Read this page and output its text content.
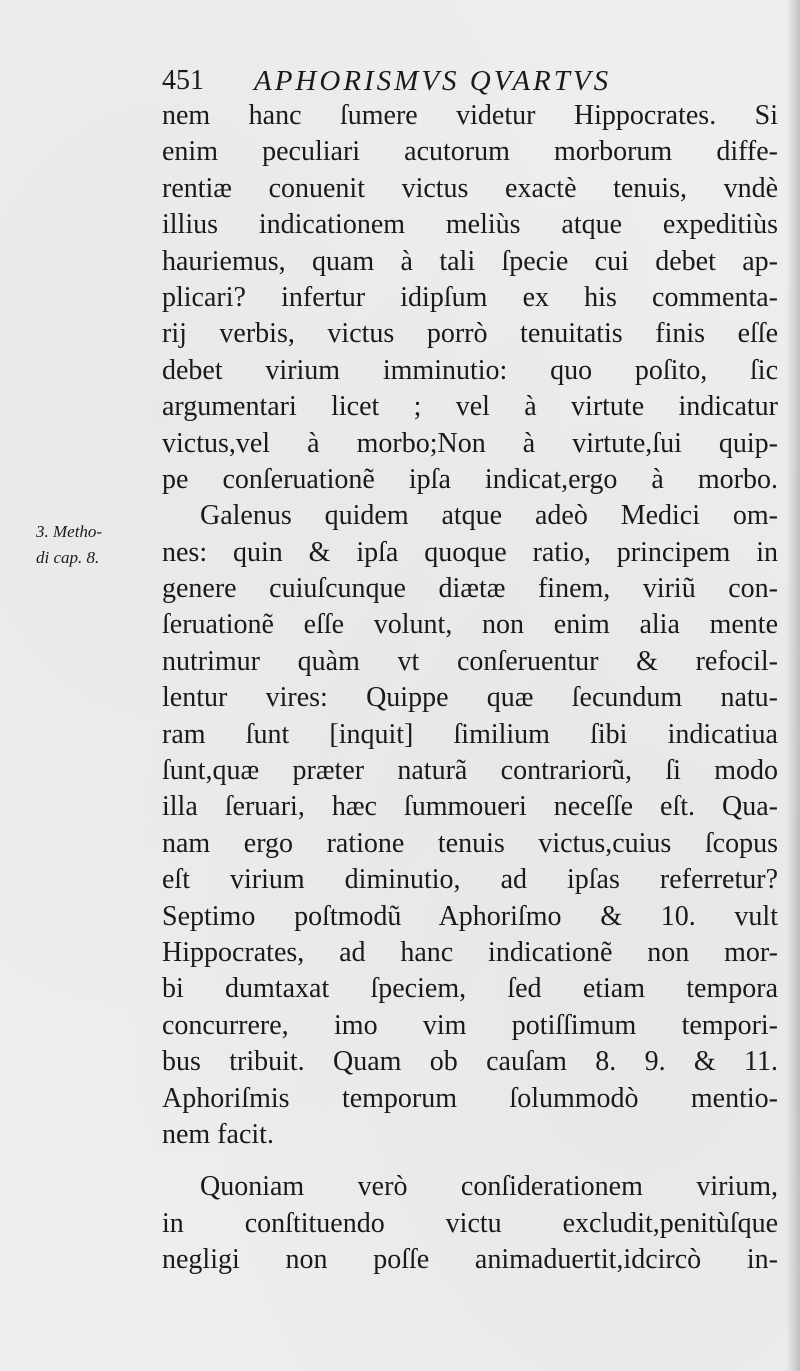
451 APHORISMVS QVARTVS
3. Metho-
di cap. 8.
nem hanc ſumere videtur Hippocrates. Si
enim peculiari acutorum morborum diffe-
rentiæ conuenit victus exactè tenuis, vndè
illius indicationem meliùs atque expeditiùs
hauriemus, quam à tali ſpecie cui debet ap-
plicari? infertur idipſum ex his commenta-
rij verbis, victus porrò tenuitatis finis eſſe
debet virium imminutio: quo poſito, ſic
argumentari licet ; vel à virtute indicatur
victus,vel à morbo;Non à virtute,ſui quip-
pe conſeruationẽ ipſa indicat,ergo à morbo.
Galenus quidem atque adeò Medici om-
nes: quin & ipſa quoque ratio, principem in
genere cuiuſcunque diætæ finem, viriũ con-
ſeruationẽ eſſe volunt, non enim alia mente
nutrimur quàm vt conſeruentur & refocil-
lentur vires: Quippe quæ ſecundum natu-
ram ſunt [inquit] ſimilium ſibi indicatiua
ſunt,quæ præter naturã contrariorũ, ſi modo
illa ſeruari, hæc ſummoueri neceſſe eſt. Qua-
nam ergo ratione tenuis victus,cuius ſcopus
eſt virium diminutio, ad ipſas referretur?
Septimo poſtmodũ Aphoriſmo & 10. vult
Hippocrates, ad hanc indicationẽ non mor-
bi dumtaxat ſpeciem, ſed etiam tempora
concurrere, imo vim potiſſimum tempori-
bus tribuit. Quam ob cauſam 8. 9. & 11.
Aphoriſmis temporum ſolummodò mentio-
nem facit.
Quoniam verò conſiderationem virium,
in conſtituendo victu excludit,penitùſque
negligi non poſſe animaduertit,idcircò in-
